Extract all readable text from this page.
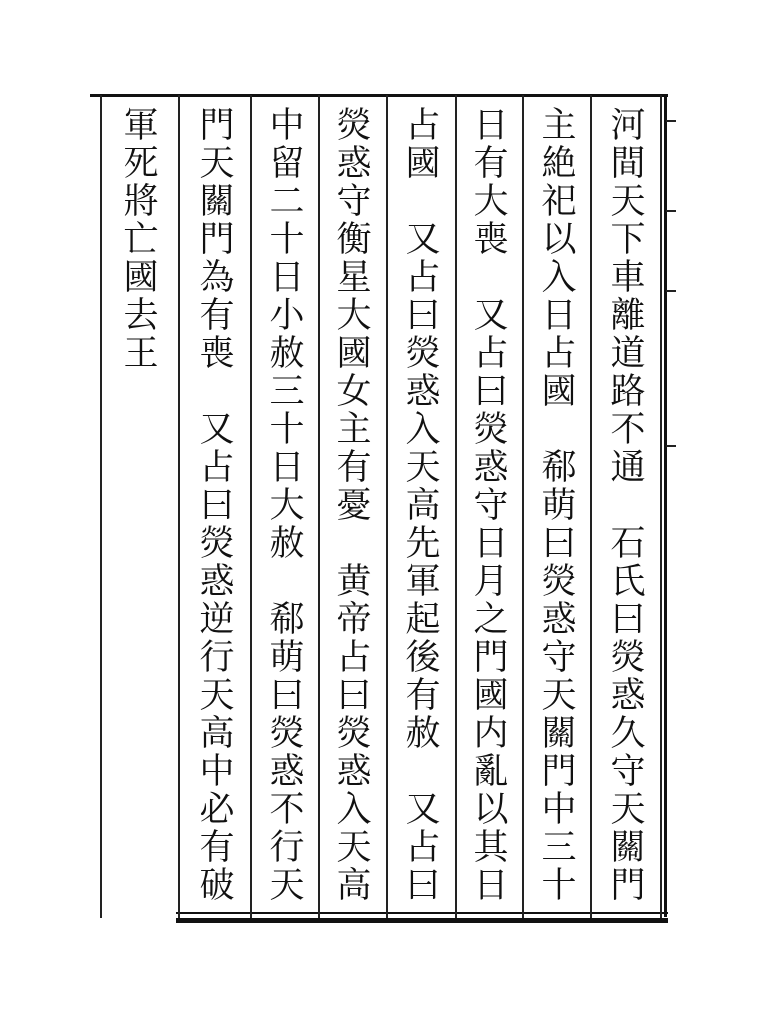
河間天下車離道路不通　石氏曰熒惑久守天關門
主絶祀以入日占國　郗萌曰熒惑守天關門中三十
日有大喪　又占曰熒惑守日月之門國内亂以其日
占國　又占曰熒惑入天高先軍起後有赦　又占曰
熒惑守衡星大國女主有憂　黄帝占曰熒惑入天高
中留二十日小赦三十日大赦　郗萌曰熒惑不行天
門天關門為有喪　又占曰熒惑逆行天高中必有破
軍死將亡國去王
